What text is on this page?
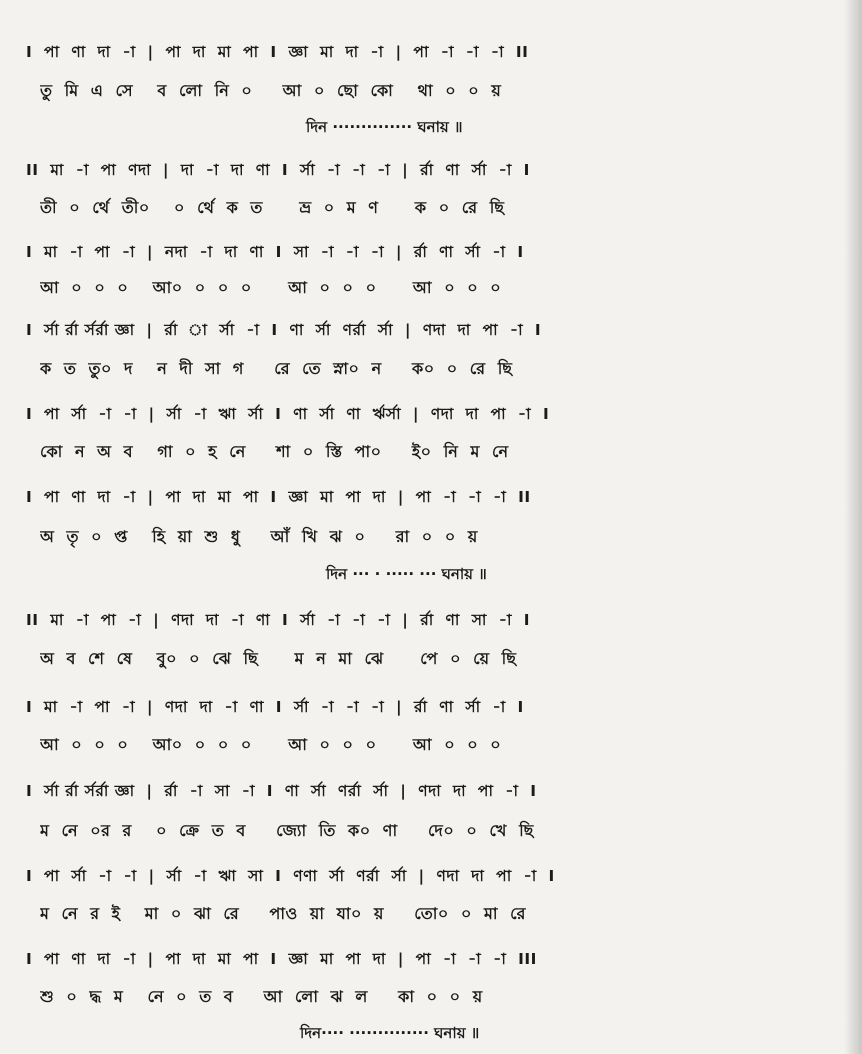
I  পা  ণা  দা  -া  |  পা  দা  মা  পা  I  জ্ঞা  মা  দা  -া  |  পা  -া  -া  -া  II
তু  মি  এ  সে    ব  লো  নি  ০     আ  ০  ছো  কো    থা  ০  ০  য়
দিন ·············· ঘনায় ॥
II  মা  -া  পা  ণদা  |  দা  -া  দা  ণা  I  র্সা  -া  -া  -া  |  র্রা  ণা  র্সা  -া  I
তী  ০  র্থে  তী০    ০  র্থে  ক  ত      ভ্র  ০  ম  ণ      ক  ০  রে  ছি
I  মা  -া  পা  -া  |  নদা  -া  দা  ণা  I  সা  -া  -া  -া  |  র্রা  ণা  র্সা  -া  I
আ  ০  ০  ০    আ০  ০  ০  ০      আ  ০  ০  ০      আ  ০  ০  ০
I  র্সা র্রা র্সর্রা জ্ঞা  |  র্রা  া  র্সা  -া  I  ণা  র্সা  ণর্রা  র্সা  |  ণদা  দা  পা  -া  I
ক  ত  তু০  দ    ন  দী  সা  গ     রে  তে  স্না০  ন     ক০  ০  রে  ছি
I  পা  র্সা  -া  -া  |  র্সা  -া  ঋা  র্সা  I  ণা  র্সা  ণা  র্ঋর্সা  |  ণদা  দা  পা  -া  I
কো  ন  অ  ব    গা  ০  হ  নে     শা  ০  স্তি  পা০     ই০  নি  ম  নে
I  পা  ণা  দা  -া  |  পা  দা  মা  পা  I  জ্ঞা  মা  পা  দা  |  পা  -া  -া  -া  II
অ  তৃ  ০  প্ত    হি  য়া  শু  ধু     আঁ  খি  ঝ  ০     রা  ০  ০  য়
দিন ··· · ····· ··· ঘনায় ॥
II  মা  -া  পা  -া  |  ণদা  দা  -া  ণা  I  র্সা  -া  -া  -া  |  র্রা  ণা  সা  -া  I
অ  ব  শে  ষে    বু০  ০  ঝে  ছি      ম  ন  মা  ঝে      পে  ০  য়ে  ছি
I  মা  -া  পা  -া  |  ণদা  দা  -া  ণা  I  র্সা  -া  -া  -া  |  র্রা  ণা  র্সা  -া  I
আ  ০  ০  ০    আ০  ০  ০  ০      আ  ০  ০  ০      আ  ০  ০  ০
I  র্সা র্রা র্সর্রা জ্ঞা  |  র্রা  -া  সা  -া  I  ণা  র্সা  ণর্রা  র্সা  |  ণদা  দা  পা  -া  I
ম  নে  ০র  র    ০  ক্রে  ত  ব     জ্যো  তি  ক০  ণা     দে০  ০  খে  ছি
I  পা  র্সা  -া  -া  |  র্সা  -া  ঋা  সা  I  ণণা  র্সা  ণর্রা  র্সা  |  ণদা  দা  পা  -া  I
ম  নে  র  ই    মা  ০  ঝা  রে     পাও  য়া  যা০  য়     তো০  ০  মা  রে
I  পা  ণা  দা  -া  |  পা  দা  মা  পা  I  জ্ঞা  মা  পা  দা  |  পা  -া  -া  -া  III
শু  ০  দ্ধ  ম    নে  ০  ত  ব     আ  লো  ঝ  ল     কা  ০  ০  য়
দিন···· ·············· ঘনায় ॥
